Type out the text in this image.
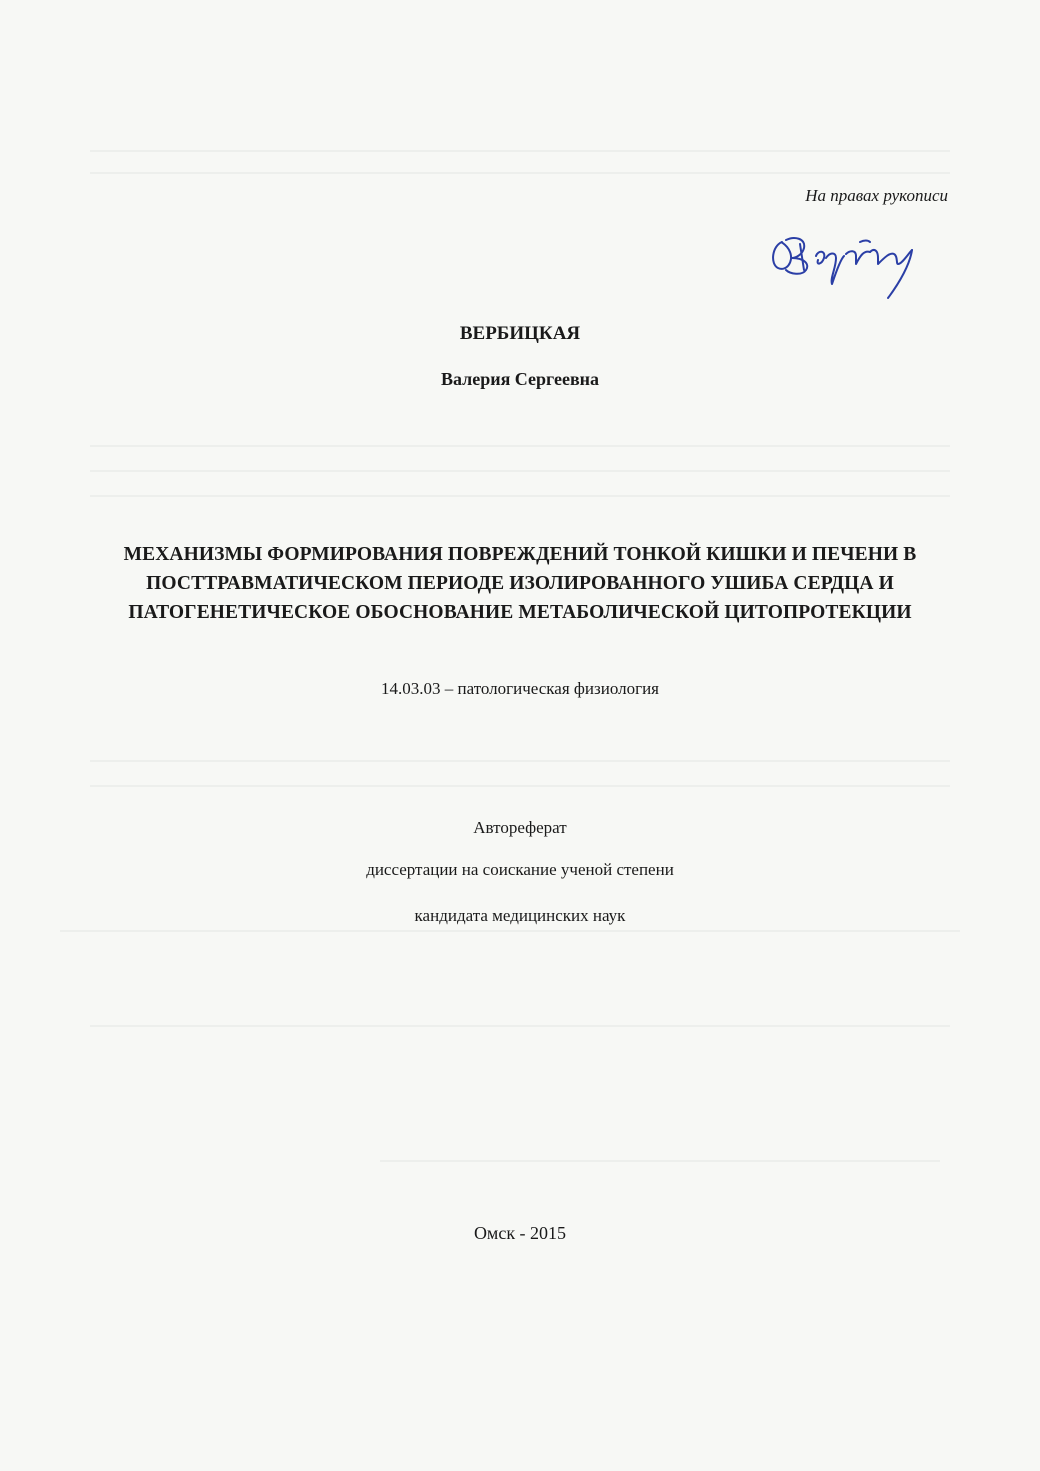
На правах рукописи
ВЕРБИЦКАЯ
Валерия Сергеевна
МЕХАНИЗМЫ ФОРМИРОВАНИЯ ПОВРЕЖДЕНИЙ ТОНКОЙ КИШКИ И ПЕЧЕНИ В
ПОСТТРАВМАТИЧЕСКОМ ПЕРИОДЕ ИЗОЛИРОВАННОГО УШИБА СЕРДЦА И
ПАТОГЕНЕТИЧЕСКОЕ ОБОСНОВАНИЕ МЕТАБОЛИЧЕСКОЙ ЦИТОПРОТЕКЦИИ
14.03.03 – патологическая физиология
Автореферат
диссертации на соискание ученой степени
кандидата медицинских наук
Омск - 2015
